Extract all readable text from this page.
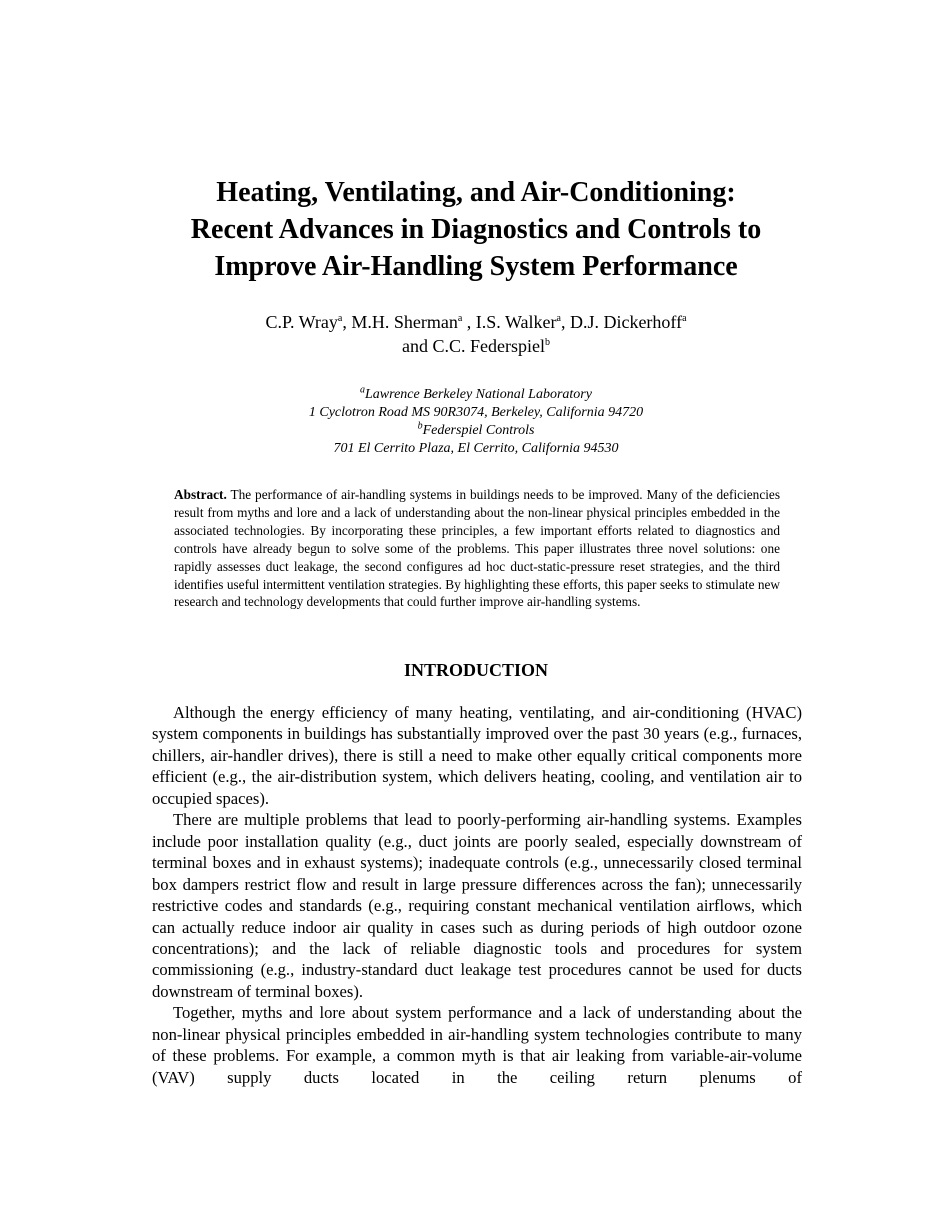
Heating, Ventilating, and Air-Conditioning:
Recent Advances in Diagnostics and Controls to
Improve Air-Handling System Performance
C.P. Wray$^a$, M.H. Sherman$^a$ , I.S. Walker$^a$, D.J. Dickerhoff$^a$
and C.C. Federspiel$^b$
$^a$Lawrence Berkeley National Laboratory
1 Cyclotron Road MS 90R3074, Berkeley, California 94720
$^b$Federspiel Controls
701 El Cerrito Plaza, El Cerrito, California 94530

Abstract. The performance of air-handling systems in buildings needs to be improved. Many of the deficiencies result from myths and lore and a lack of understanding about the non-linear physical principles embedded in the associated technologies. By incorporating these principles, a few important efforts related to diagnostics and controls have already begun to solve some of the problems. This paper illustrates three novel solutions: one rapidly assesses duct leakage, the second configures ad hoc duct-static-pressure reset strategies, and the third identifies useful intermittent ventilation strategies. By highlighting these efforts, this paper seeks to stimulate new research and technology developments that could further improve air-handling systems.

INTRODUCTION

Although the energy efficiency of many heating, ventilating, and air-conditioning (HVAC) system components in buildings has substantially improved over the past 30 years (e.g., furnaces, chillers, air-handler drives), there is still a need to make other equally critical components more efficient (e.g., the air-distribution system, which delivers heating, cooling, and ventilation air to occupied spaces).

There are multiple problems that lead to poorly-performing air-handling systems. Examples include poor installation quality (e.g., duct joints are poorly sealed, especially downstream of terminal boxes and in exhaust systems); inadequate controls (e.g., unnecessarily closed terminal box dampers restrict flow and result in large pressure differences across the fan); unnecessarily restrictive codes and standards (e.g., requiring constant mechanical ventilation airflows, which can actually reduce indoor air quality in cases such as during periods of high outdoor ozone concentrations); and the lack of reliable diagnostic tools and procedures for system commissioning (e.g., industry-standard duct leakage test procedures cannot be used for ducts downstream of terminal boxes).

Together, myths and lore about system performance and a lack of understanding about the non-linear physical principles embedded in air-handling system technologies contribute to many of these problems. For example, a common myth is that air leaking from variable-air-volume (VAV) supply ducts located in the ceiling return plenums of
